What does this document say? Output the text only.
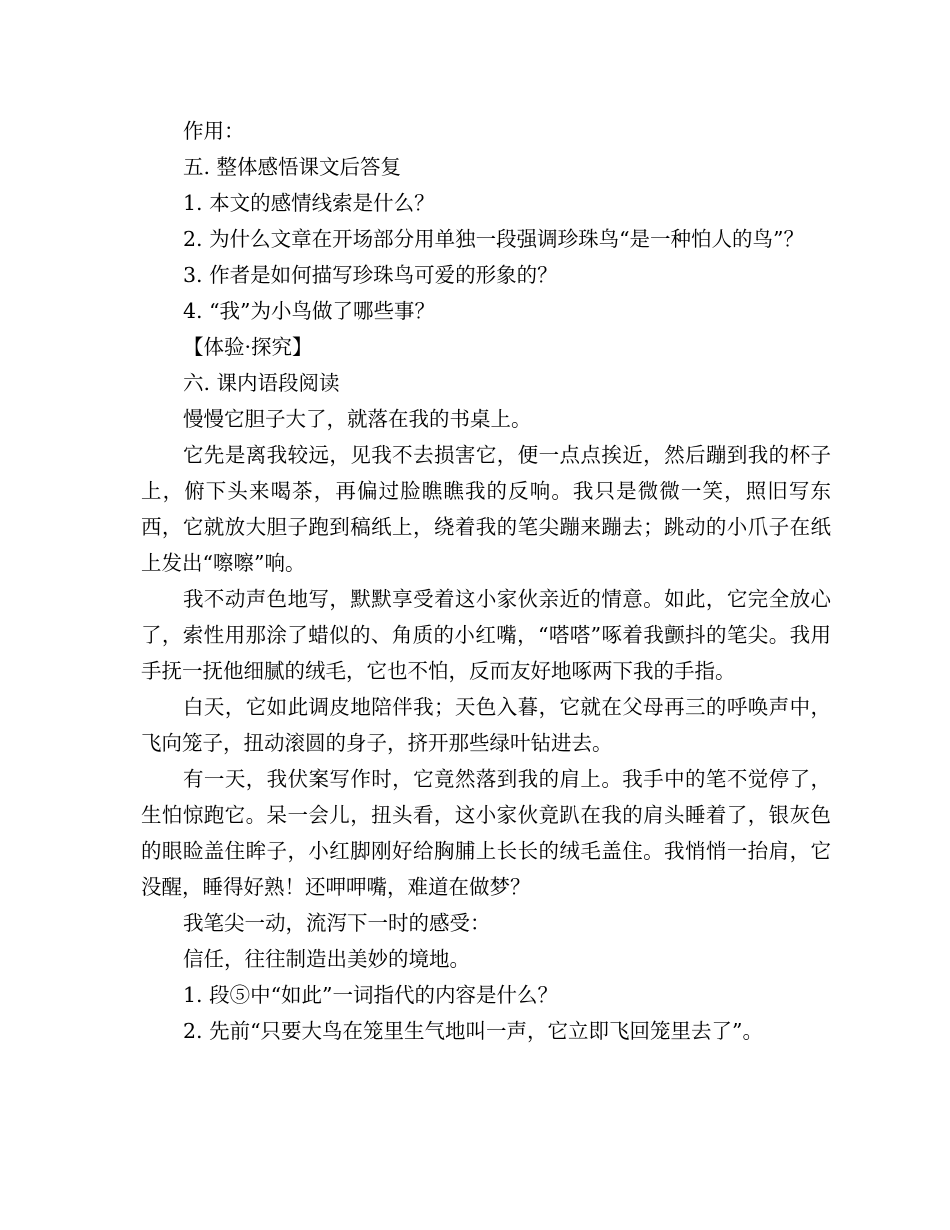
作用：

五. 整体感悟课文后答复

1. 本文的感情线索是什么？

2. 为什么文章在开场部分用单独一段强调珍珠鸟“是一种怕人的鸟”？

3. 作者是如何描写珍珠鸟可爱的形象的？

4. “我”为小鸟做了哪些事？

【体验·探究】

六. 课内语段阅读

慢慢它胆子大了，就落在我的书桌上。

它先是离我较远，见我不去损害它，便一点点挨近，然后蹦到我的杯子上，俯下头来喝茶，再偏过脸瞧瞧我的反响。我只是微微一笑，照旧写东西，它就放大胆子跑到稿纸上，绕着我的笔尖蹦来蹦去；跳动的小爪子在纸上发出“嚓嚓”响。

我不动声色地写，默默享受着这小家伙亲近的情意。如此，它完全放心了，索性用那涂了蜡似的、角质的小红嘴，“嗒嗒”啄着我颤抖的笔尖。我用手抚一抚他细腻的绒毛，它也不怕，反而友好地啄两下我的手指。

白天，它如此调皮地陪伴我；天色入暮，它就在父母再三的呼唤声中，飞向笼子，扭动滚圆的身子，挤开那些绿叶钻进去。

有一天，我伏案写作时，它竟然落到我的肩上。我手中的笔不觉停了，生怕惊跑它。呆一会儿，扭头看，这小家伙竟趴在我的肩头睡着了，银灰色的眼睑盖住眸子，小红脚刚好给胸脯上长长的绒毛盖住。我悄悄一抬肩，它没醒，睡得好熟！还呷呷嘴，难道在做梦？

我笔尖一动，流泻下一时的感受：

信任，往往制造出美妙的境地。

1. 段⑤中“如此”一词指代的内容是什么？

2. 先前“只要大鸟在笼里生气地叫一声，它立即飞回笼里去了”。
